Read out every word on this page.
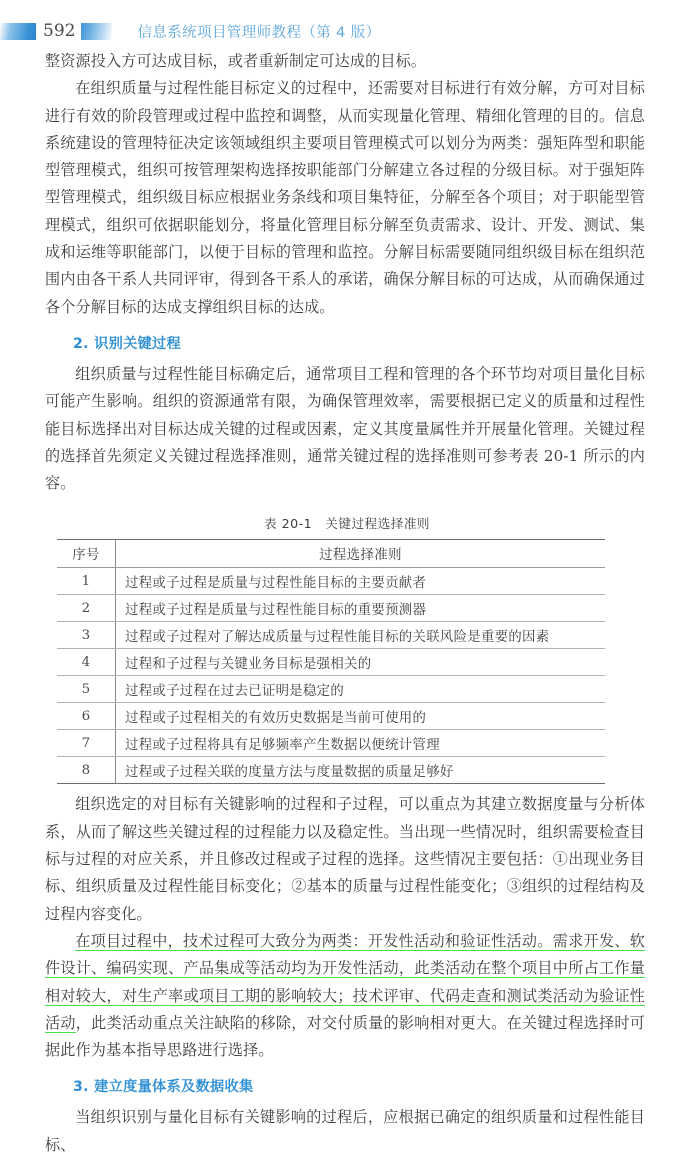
592	信息系统项目管理师教程（第 4 版）

整资源投入方可达成目标，或者重新制定可达成的目标。

在组织质量与过程性能目标定义的过程中，还需要对目标进行有效分解，方可对目标进行有效的阶段管理或过程中监控和调整，从而实现量化管理、精细化管理的目的。信息系统建设的管理特征决定该领域组织主要项目管理模式可以划分为两类：强矩阵型和职能型管理模式，组织可按管理架构选择按职能部门分解建立各过程的分级目标。对于强矩阵型管理模式，组织级目标应根据业务条线和项目集特征，分解至各个项目；对于职能型管理模式，组织可依据职能划分，将量化管理目标分解至负责需求、设计、开发、测试、集成和运维等职能部门，以便于目标的管理和监控。分解目标需要随同组织级目标在组织范围内由各干系人共同评审，得到各干系人的承诺，确保分解目标的可达成，从而确保通过各个分解目标的达成支撑组织目标的达成。

2. 识别关键过程

组织质量与过程性能目标确定后，通常项目工程和管理的各个环节均对项目量化目标可能产生影响。组织的资源通常有限，为确保管理效率，需要根据已定义的质量和过程性能目标选择出对目标达成关键的过程或因素，定义其度量属性并开展量化管理。关键过程的选择首先须定义关键过程选择准则，通常关键过程的选择准则可参考表 20-1 所示的内容。

表 20-1　关键过程选择准则
序号	过程选择准则
1	过程或子过程是质量与过程性能目标的主要贡献者
2	过程或子过程是质量与过程性能目标的重要预测器
3	过程或子过程对了解达成质量与过程性能目标的关联风险是重要的因素
4	过程和子过程与关键业务目标是强相关的
5	过程或子过程在过去已证明是稳定的
6	过程或子过程相关的有效历史数据是当前可使用的
7	过程或子过程将具有足够频率产生数据以便统计管理
8	过程或子过程关联的度量方法与度量数据的质量足够好

组织选定的对目标有关键影响的过程和子过程，可以重点为其建立数据度量与分析体系，从而了解这些关键过程的过程能力以及稳定性。当出现一些情况时，组织需要检查目标与过程的对应关系，并且修改过程或子过程的选择。这些情况主要包括：①出现业务目标、组织质量及过程性能目标变化；②基本的质量与过程性能变化；③组织的过程结构及过程内容变化。

在项目过程中，技术过程可大致分为两类：开发性活动和验证性活动。需求开发、软件设计、编码实现、产品集成等活动均为开发性活动，此类活动在整个项目中所占工作量相对较大，对生产率或项目工期的影响较大；技术评审、代码走查和测试类活动为验证性活动，此类活动重点关注缺陷的移除，对交付质量的影响相对更大。在关键过程选择时可据此作为基本指导思路进行选择。

3. 建立度量体系及数据收集

当组织识别与量化目标有关键影响的过程后，应根据已确定的组织质量和过程性能目标、
